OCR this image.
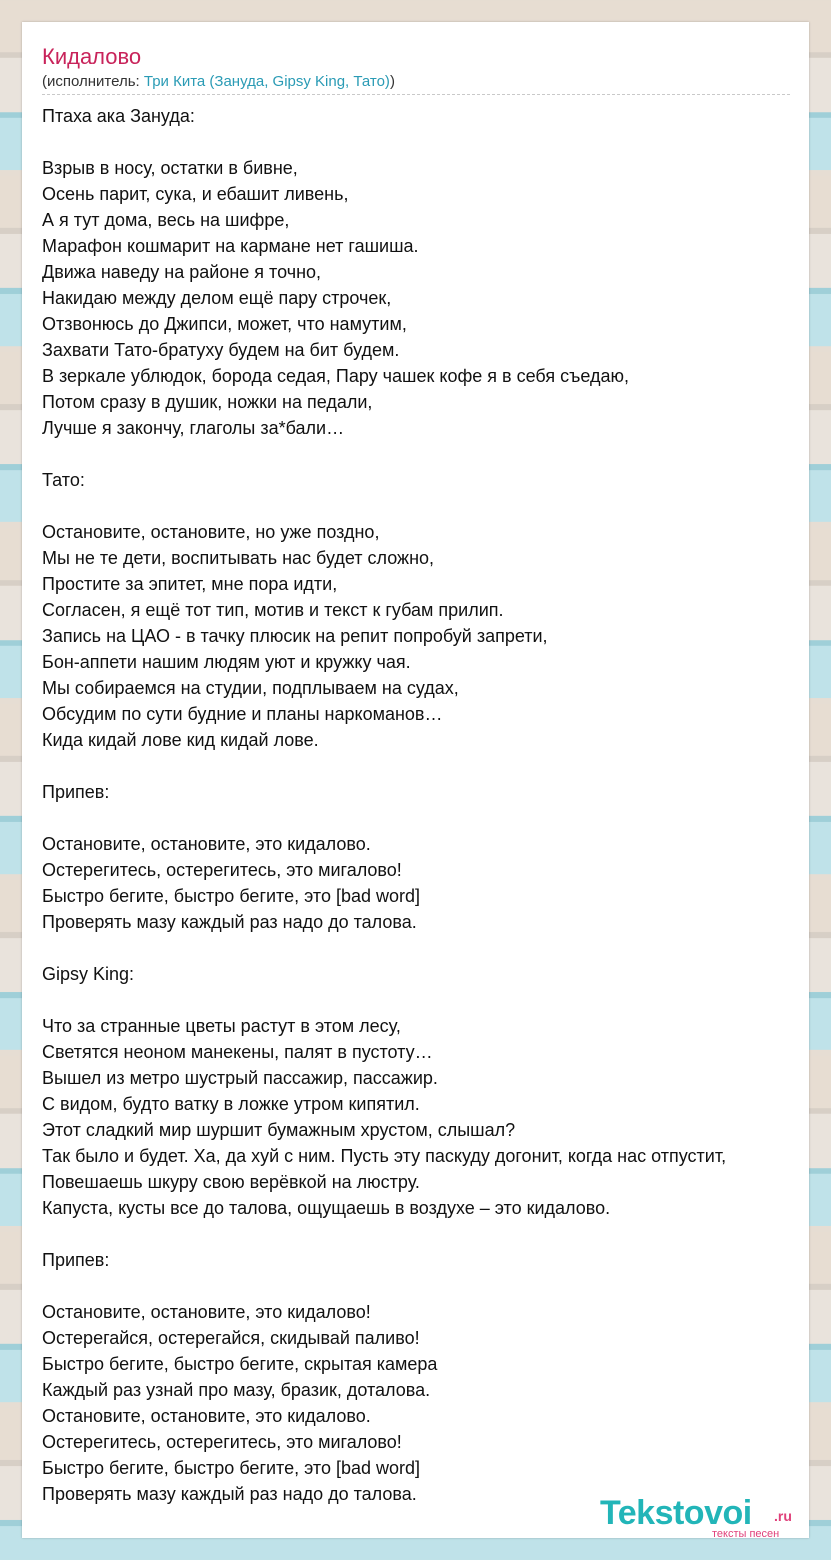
Кидалово
(исполнитель: Три Кита (Зануда, Gipsy King, Тато))
Птаха ака Зануда:
Взрыв в носу, остатки в бивне,
Осень парит, сука, и ебашит ливень,
А я тут дома, весь на шифре,
Марафон кошмарит на кармане нет гашиша.
Движа наведу на районе я точно,
Накидаю между делом ещё пару строчек,
Отзвонюсь до Джипси, может, что намутим,
Захвати Тато-братуху будем на бит будем.
В зеркале ублюдок, борода седая, Пару чашек кофе я в себя съедаю,
Потом сразу в душик, ножки на педали,
Лучше я закончу, глаголы за*бали…
Тато:
Остановите, остановите, но уже поздно,
Мы не те дети, воспитывать нас будет сложно,
Простите за эпитет, мне пора идти,
Согласен, я ещё тот тип, мотив и текст к губам прилип.
Запись на ЦАО - в тачку плюсик на репит попробуй запрети,
Бон-аппети нашим людям уют и кружку чая.
Мы собираемся на студии, подплываем на судах,
Обсудим по сути будние и планы наркоманов…
Кида кидай лове кид кидай лове.
Припев:
Остановите, остановите, это кидалово.
Остерегитесь, остерегитесь, это мигалово!
Быстро бегите, быстро бегите, это [bad word]
Проверять мазу каждый раз надо до талова.
Gipsy King:
Что за странные цветы растут в этом лесу,
Светятся неоном манекены, палят в пустоту…
Вышел из метро шустрый пассажир, пассажир.
С видом, будто ватку в ложке утром кипятил.
Этот сладкий мир шуршит бумажным хрустом, слышал?
Так было и будет. Ха, да хуй с ним. Пусть эту паскуду догонит, когда нас отпустит,
Повешаешь шкуру свою верёвкой на люстру.
Капуста, кусты все до талова, ощущаешь в воздухе – это кидалово.
Припев:
Остановите, остановите, это кидалово!
Остерегайся, остерегайся, скидывай паливо!
Быстро бегите, быстро бегите, скрытая камера
Каждый раз узнай про мазу, бразик, доталова.
Остановите, остановите, это кидалово.
Остерегитесь, остерегитесь, это мигалово!
Быстро бегите, быстро бегите, это [bad word]
Проверять мазу каждый раз надо до талова.	Tekstovoi .ru
тексты песен
